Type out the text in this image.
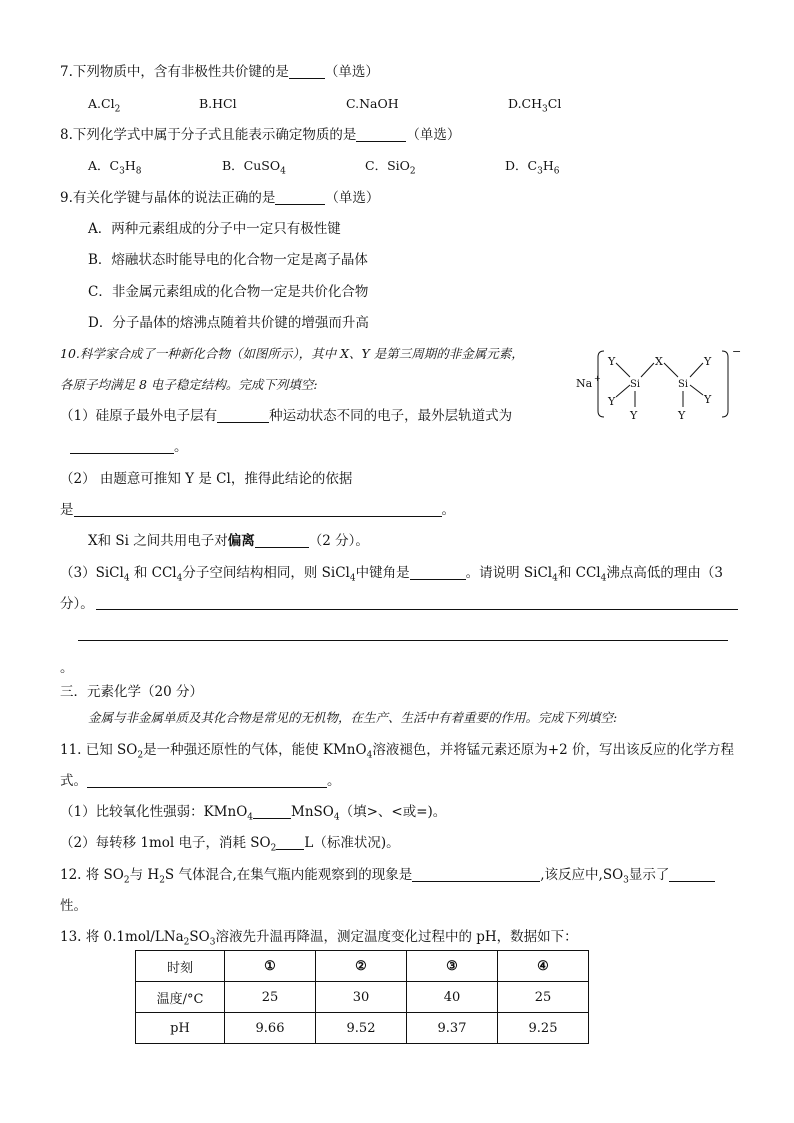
7.下列物质中，含有非极性共价键的是	（单选）
$A.Cl_2$	B.HCl	C.NaOH	$D.CH_3Cl$
8.下列化学式中属于分子式且能表示确定物质的是	（单选）
A．$C_3H_8$	B．CuSO$_4$	C．SiO$_2$	D．$C_3H_6$
9.有关化学键与晶体的说法正确的是	（单选）
A．两种元素组成的分子中一定只有极性键
B．熔融状态时能导电的化合物一定是离子晶体
C．非金属元素组成的化合物一定是共价化合物
D．分子晶体的熔沸点随着共价键的增强而升高
10.科学家合成了一种新化合物（如图所示），其中 X、Y 是第三周期的非金属元素，
各原子均满足 8 电子稳定结构。完成下列填空:	Na +
Y
Y
Si
Y
X
Si
Y
Y
Y
−
（1）硅原子最外电子层有	种运动状态不同的电子，最外层轨道式为
。
（2） 由题意可推知 Y 是 Cl，推得此结论的依据
是	。
X和 Si 之间共用电子对偏离	（2 分）。
（3）SiCl$_4$ 和 CCl$_4$分子空间结构相同，则 SiCl$_4$中键角是	。请说明 SiCl$_4$和 CCl$_4$沸点高低的理由（3
分）。
。
三．元素化学（20 分）
金属与非金属单质及其化合物是常见的无机物，在生产、生活中有着重要的作用。完成下列填空:
11. 已知 $SO_2$是一种强还原性的气体，能使 KMnO$_4$溶液褪色，并将锰元素还原为+2 价，写出该反应的化学方程
式。	。
（1）比较氧化性强弱：KMnO$_4$	MnSO$_4$（填>、<或=)。
（2）每转移 1mol 电子，消耗 $SO_2$ L（标准状况)。
12. 将 $SO_2$与 $H_2S$ 气体混合,在集气瓶内能观察到的现象是	,该反应中$,SO_3$显示了
性。
13. 将 $0.1mol/LNa_2SO_3$溶液先升温再降温，测定温度变化过程中的 pH，数据如下：
时刻	①	②	③	④
温度/°C	25	30	40	25
pH	9.66	9.52	9.37	9.25
